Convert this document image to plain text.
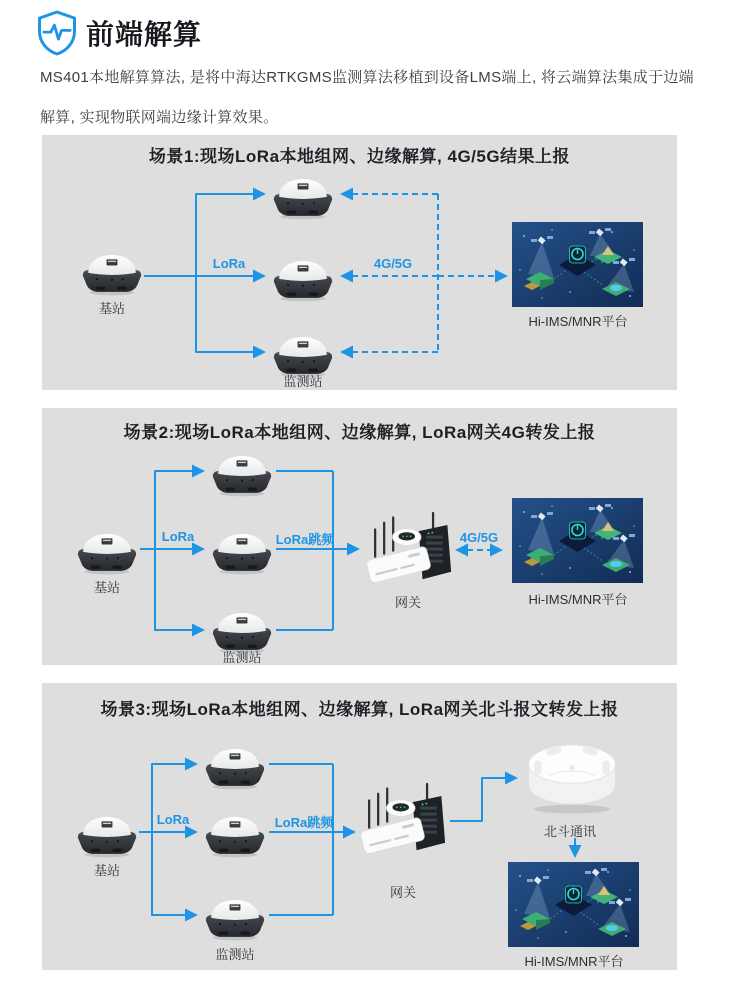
前端解算

MS401本地解算算法, 是将中海达RTKGMS监测算法移植到设备LMS端上, 将云端算法集成于边端解算, 实现物联网端边缘计算效果。

场景1:现场LoRa本地组网、边缘解算, 4G/5G结果上报
基站
监测站
LoRa	4G/5G
Hi-IMS/MNR平台
场景2:现场LoRa本地组网、边缘解算, LoRa网关4G转发上报
基站
监测站
LoRa	LoRa跳频
网关
4G/5G
Hi-IMS/MNR平台
场景3:现场LoRa本地组网、边缘解算, LoRa网关北斗报文转发上报
基站
监测站
LoRa	LoRa跳频
网关
北斗通讯
Hi-IMS/MNR平台
